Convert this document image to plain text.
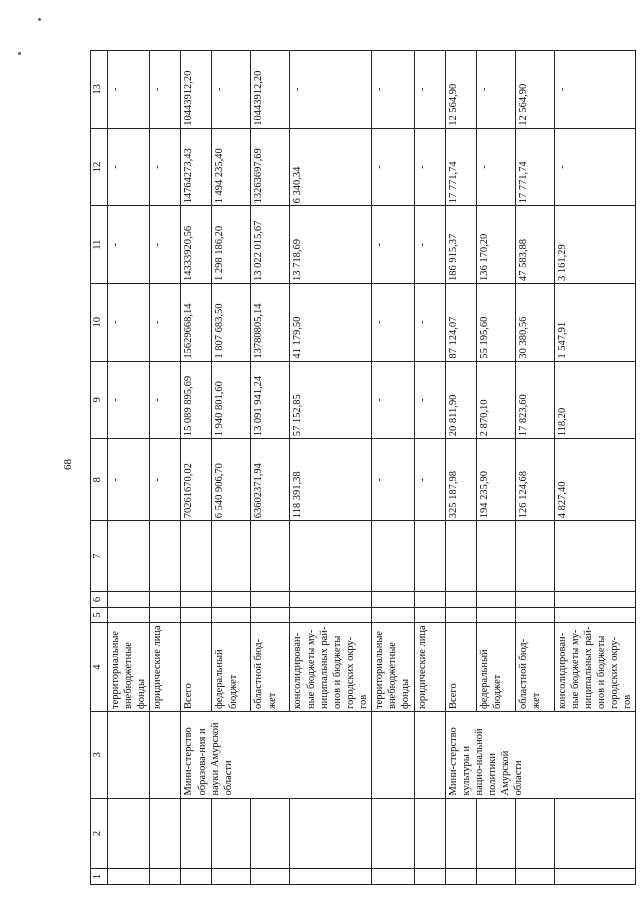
68
1	2	3	4	5	6	7	8	9	10	11	12	13
			территориальные внебюджетные фонды				-	-	-	-	-	-
			юридические лица				-	-	-	-	-	-
		Мини-стерство образова-ния и науки Амурской области	Всего				70261670,02	15 089 895,69	15629668,14	14333920,56	14764273,43	10443912,20
			федеральный бюджет				6 540 906,70	1 940 801,60	1 807 683,50	1 298 186,20	1 494 235,40	-
			областной бюд-жет				63602371,94	13 091 941,24	13780805,14	13 022 015,67	13263697,69	10443912,20
			консолидирован-ные бюджеты му-ниципальных рай-онов и бюджеты городских окру-гов				118 391,38	57 152,85	41 179,50	13 718,69	6 340,34	-
			территориальные внебюджетные фонды				-	-	-	-	-	-
			юридические лица				-	-	-	-	-	-
		Мини-стерство культуры и нацио-нальной политики Амурской области	Всего				325 187,98	20 811,90	87 124,07	186 915,37	17 771,74	12 564,90
			федеральный бюджет				194 235,90	2 870,10	55 195,60	136 170,20	-	-
			областной бюд-жет				126 124,68	17 823,60	30 380,56	47 583,88	17 771,74	12 564,90
			консолидирован-ные бюджеты му-ниципальных рай-онов и бюджеты городских окру-гов				4 827,40	118,20	1 547,91	3 161,29	-	-
